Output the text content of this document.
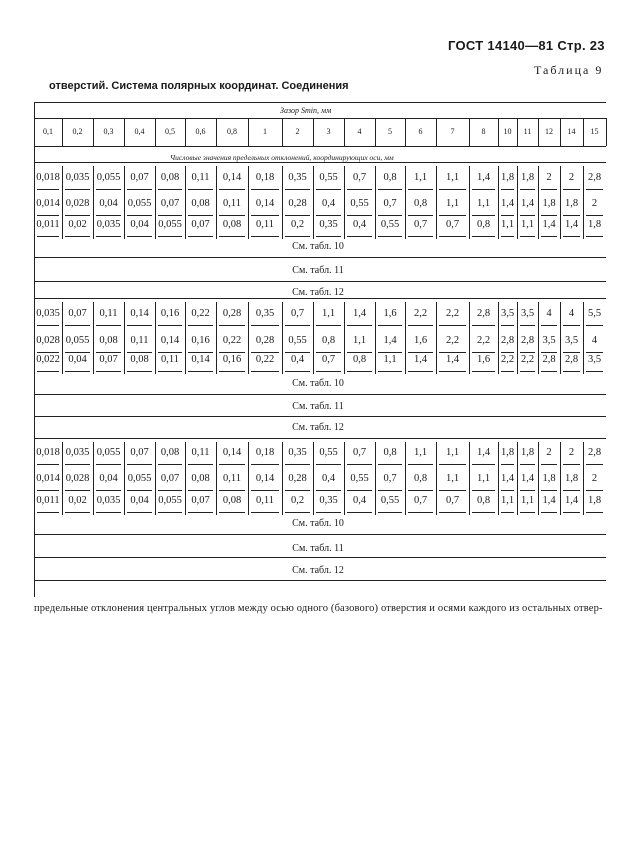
ГОСТ 14140—81 Стр. 23
Таблица 9
отверстий. Система полярных координат. Соединения
Зазор Smin, мм
0,1	0,2	0,3	0,4	0,5	0,6	0,8	1	2	3	4	5	6	7	8	10	11	12	14	15
Числовые значения предельных отклонений, координирующих оси, мм
0,018 0,035 0,055 0,07 0,08 0,11 0,14 0,18 0,35 0,55 0,7 0,8 1,1 1,1 1,4 1,8 1,8 2 2 2,8
0,014 0,028 0,04 0,055 0,07 0,08 0,11 0,14 0,28 0,4 0,55 0,7 0,8 1,1 1,1 1,4 1,4 1,8 1,8 2
0,011 0,02 0,035 0,04 0,055 0,07 0,08 0,11 0,2 0,35 0,4 0,55 0,7 0,7 0,8 1,1 1,1 1,4 1,4 1,8
См. табл. 10
См. табл. 11
См. табл. 12
0,035 0,07 0,11 0,14 0,16 0,22 0,28 0,35 0,7 1,1 1,4 1,6 2,2 2,2 2,8 3,5 3,5 4 4 5,5
0,028 0,055 0,08 0,11 0,14 0,16 0,22 0,28 0,55 0,8 1,1 1,4 1,6 2,2 2,2 2,8 2,8 3,5 3,5 4
0,022 0,04 0,07 0,08 0,11 0,14 0,16 0,22 0,4 0,7 0,8 1,1 1,4 1,4 1,6 2,2 2,2 2,8 2,8 3,5
См. табл. 10
См. табл. 11
См. табл. 12
0,018 0,035 0,055 0,07 0,08 0,11 0,14 0,18 0,35 0,55 0,7 0,8 1,1 1,1 1,4 1,8 1,8 2 2 2,8
0,014 0,028 0,04 0,055 0,07 0,08 0,11 0,14 0,28 0,4 0,55 0,7 0,8 1,1 1,1 1,4 1,4 1,8 1,8 2
0,011 0,02 0,035 0,04 0,055 0,07 0,08 0,11 0,2 0,35 0,4 0,55 0,7 0,7 0,8 1,1 1,1 1,4 1,4 1,8
См. табл. 10
См. табл. 11
См. табл. 12
предельные отклонения центральных углов между осью одного (базового) отверстия и осями каждого из остальных отвер-
